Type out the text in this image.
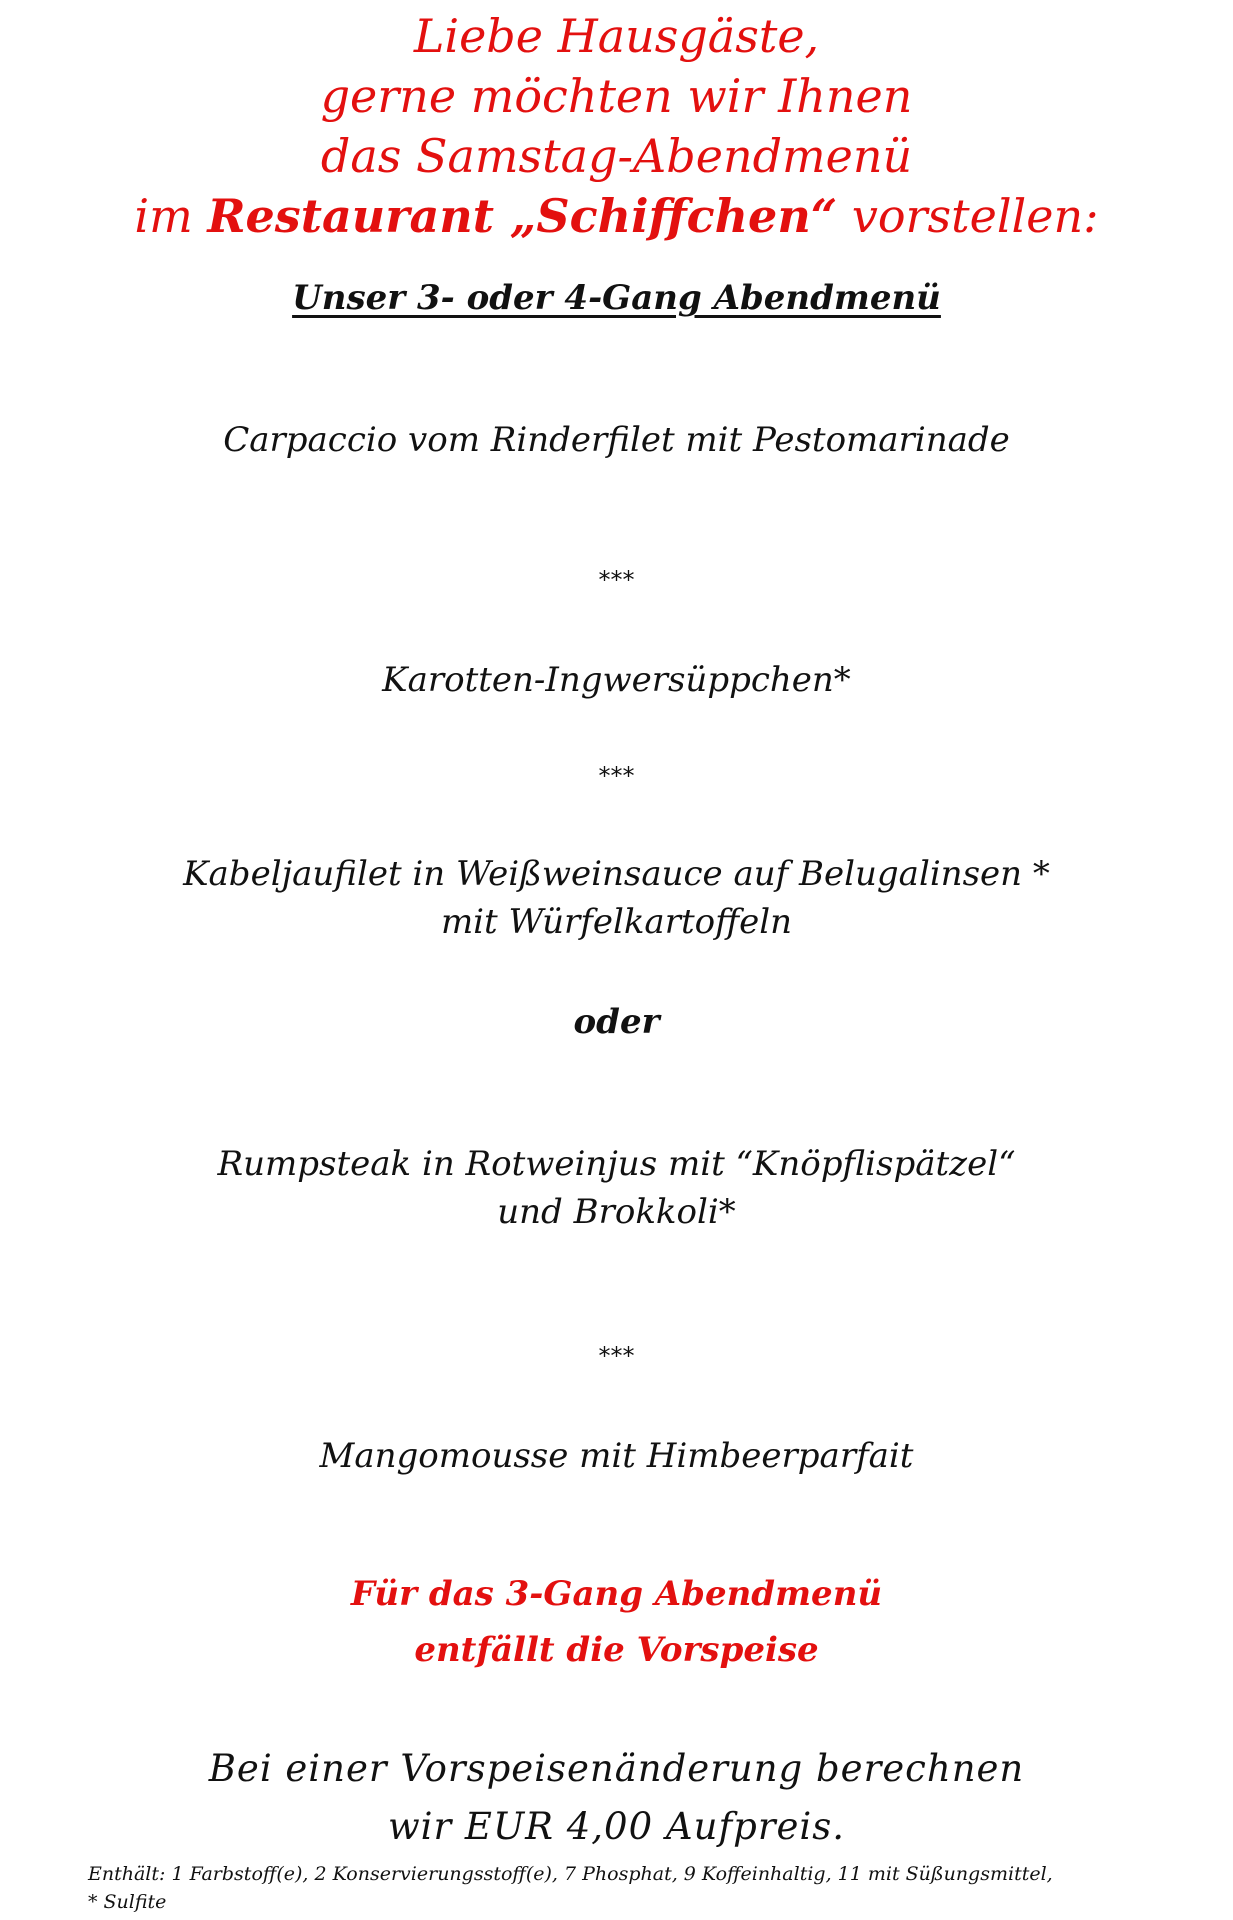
Liebe Hausgäste,
gerne möchten wir Ihnen
das Samstag-Abendmenü
im Restaurant „Schiffchen“ vorstellen:
Unser 3- oder 4-Gang Abendmenü
Carpaccio vom Rinderfilet mit Pestomarinade
***
Karotten-Ingwersüppchen*
***
Kabeljaufilet in Weißweinsauce auf Belugalinsen *
mit Würfelkartoffeln
oder
Rumpsteak in Rotweinjus mit “Knöpflispätzel“
und Brokkoli*
***
Mangomousse mit Himbeerparfait
Für das 3-Gang Abendmenü
entfällt die Vorspeise
Bei einer Vorspeisenänderung berechnen
wir EUR 4,00 Aufpreis.
Enthält: 1 Farbstoff(e), 2 Konservierungsstoff(e), 7 Phosphat, 9 Koffeinhaltig, 11 mit Süßungsmittel,
* Sulfite
